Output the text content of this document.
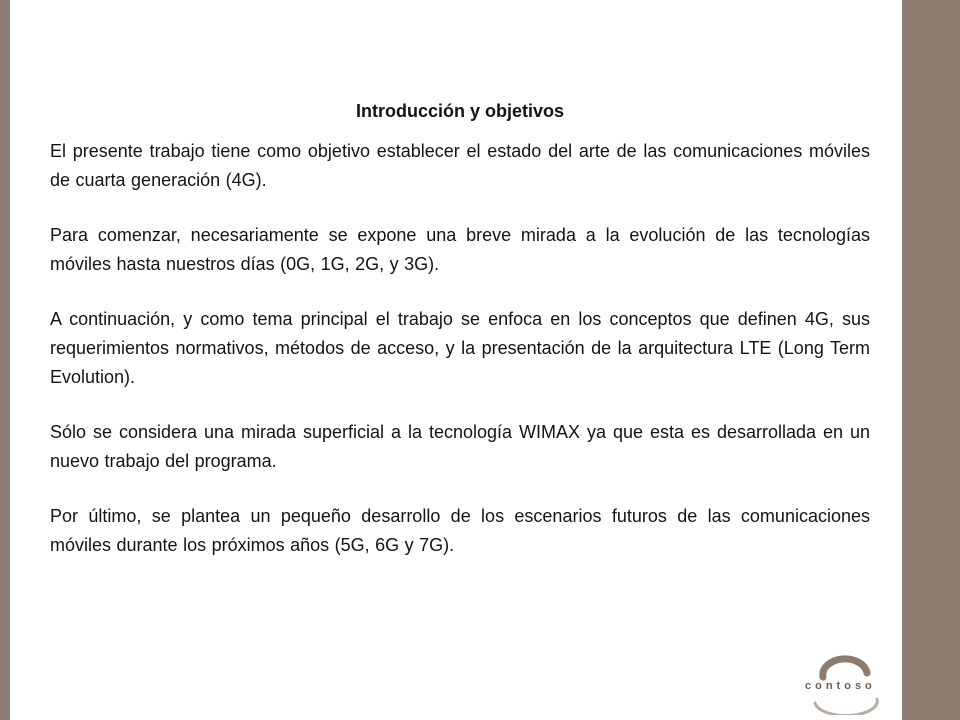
Introducción y objetivos

El presente trabajo tiene como objetivo establecer el estado del arte de las comunicaciones móviles de cuarta generación (4G).

Para comenzar, necesariamente se expone una breve mirada a la evolución de las tecnologías móviles hasta nuestros días (0G, 1G, 2G, y 3G).

A continuación, y como tema principal el trabajo se enfoca en los conceptos que definen 4G, sus requerimientos normativos, métodos de acceso, y la presentación de la arquitectura LTE (Long Term Evolution).

Sólo se considera una mirada superficial a la tecnología WIMAX ya que esta es desarrollada en un nuevo trabajo del programa.

Por último, se plantea un pequeño desarrollo de los escenarios futuros de las comunicaciones móviles durante los próximos años (5G, 6G y 7G).

contoso
